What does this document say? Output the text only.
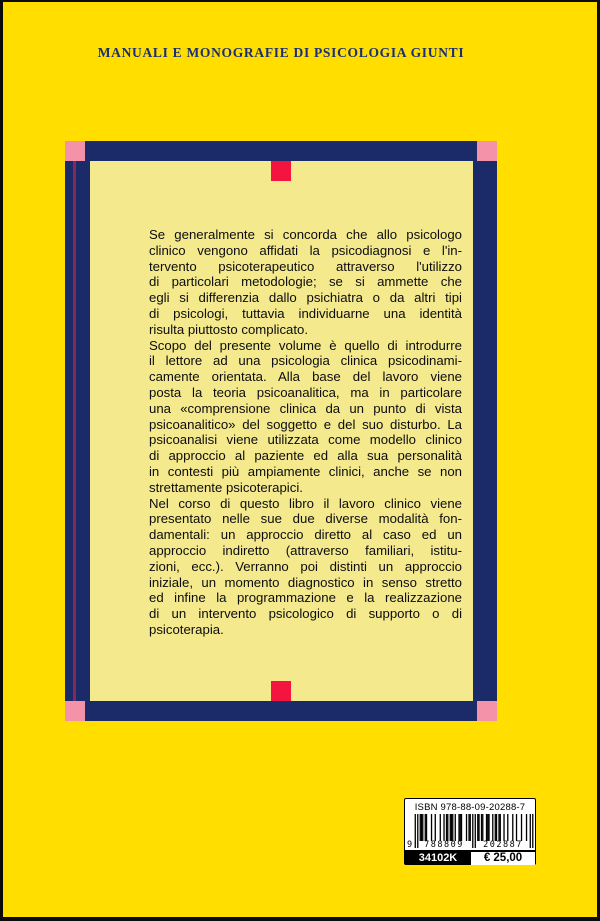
MANUALI E MONOGRAFIE DI PSICOLOGIA GIUNTI
Se generalmente si concorda che allo psicologo
clinico vengono affidati la psicodiagnosi e l'in-
tervento psicoterapeutico attraverso l'utilizzo
di particolari metodologie; se si ammette che
egli si differenzia dallo psichiatra o da altri tipi
di psicologi, tuttavia individuarne una identità
risulta piuttosto complicato.
Scopo del presente volume è quello di introdurre
il lettore ad una psicologia clinica psicodinami-
camente orientata. Alla base del lavoro viene
posta la teoria psicoanalitica, ma in particolare
una «comprensione clinica da un punto di vista
psicoanalitico» del soggetto e del suo disturbo. La
psicoanalisi viene utilizzata come modello clinico
di approccio al paziente ed alla sua personalità
in contesti più ampiamente clinici, anche se non
strettamente psicoterapici.
Nel corso di questo libro il lavoro clinico viene
presentato nelle sue due diverse modalità fon-
damentali: un approccio diretto al caso ed un
approccio indiretto (attraverso familiari, istitu-
zioni, ecc.). Verranno poi distinti un approccio
iniziale, un momento diagnostico in senso stretto
ed infine la programmazione e la realizzazione
di un intervento psicologico di supporto o di
psicoterapia.
ISBN 978-88-09-20288-7
9	788809	202887
34102K	€ 25,00
